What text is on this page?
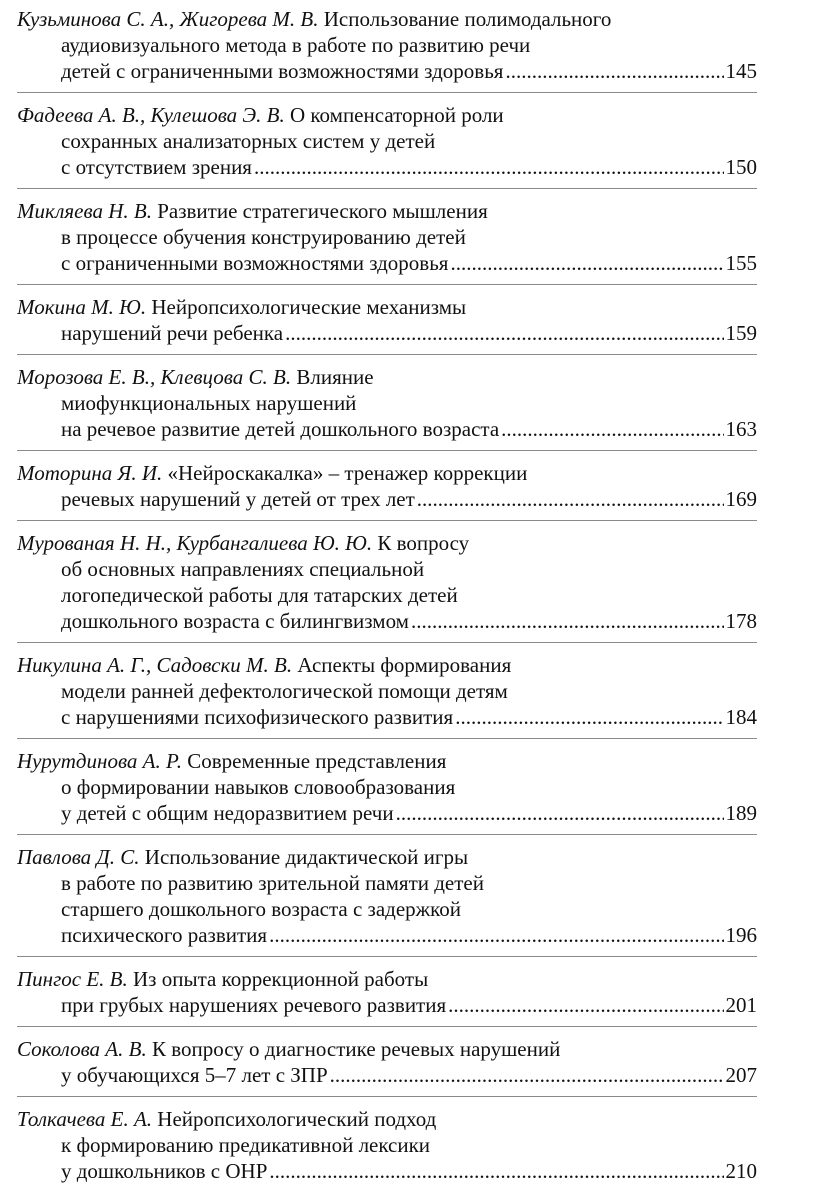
Кузьминова С. А., Жигорева М. В. Использование полимодального
аудиовизуального метода в работе по развитию речи
детей с ограниченными возможностями здоровья .....	145
Фадеева А. В., Кулешова Э. В. О компенсаторной роли
сохранных анализаторных систем у детей
с отсутствием зрения .....	150
Микляева Н. В. Развитие стратегического мышления
в процессе обучения конструированию детей
с ограниченными возможностями здоровья .....	155
Мокина М. Ю. Нейропсихологические механизмы
нарушений речи ребенка .....	159
Морозова Е. В., Клевцова С. В. Влияние
миофункциональных нарушений
на речевое развитие детей дошкольного возраста .....	163
Моторина Я. И. «Нейроскакалка» – тренажер коррекции
речевых нарушений у детей от трех лет .....	169
Мурованая Н. Н., Курбангалиева Ю. Ю. К вопросу
об основных направлениях специальной
логопедической работы для татарских детей
дошкольного возраста с билингвизмом .....	178
Никулина А. Г., Садовски М. В. Аспекты формирования
модели ранней дефектологической помощи детям
с нарушениями психофизического развития .....	184
Нурутдинова А. Р. Современные представления
о формировании навыков словообразования
у детей с общим недоразвитием речи .....	189
Павлова Д. С. Использование дидактической игры
в работе по развитию зрительной памяти детей
старшего дошкольного возраста с задержкой
психического развития .....	196
Пингос Е. В. Из опыта коррекционной работы
при грубых нарушениях речевого развития .....	201
Соколова А. В. К вопросу о диагностике речевых нарушений
у обучающихся 5–7 лет с ЗПР .....	207
Толкачева Е. А. Нейропсихологический подход
к формированию предикативной лексики
у дошкольников с ОНР .....	210
